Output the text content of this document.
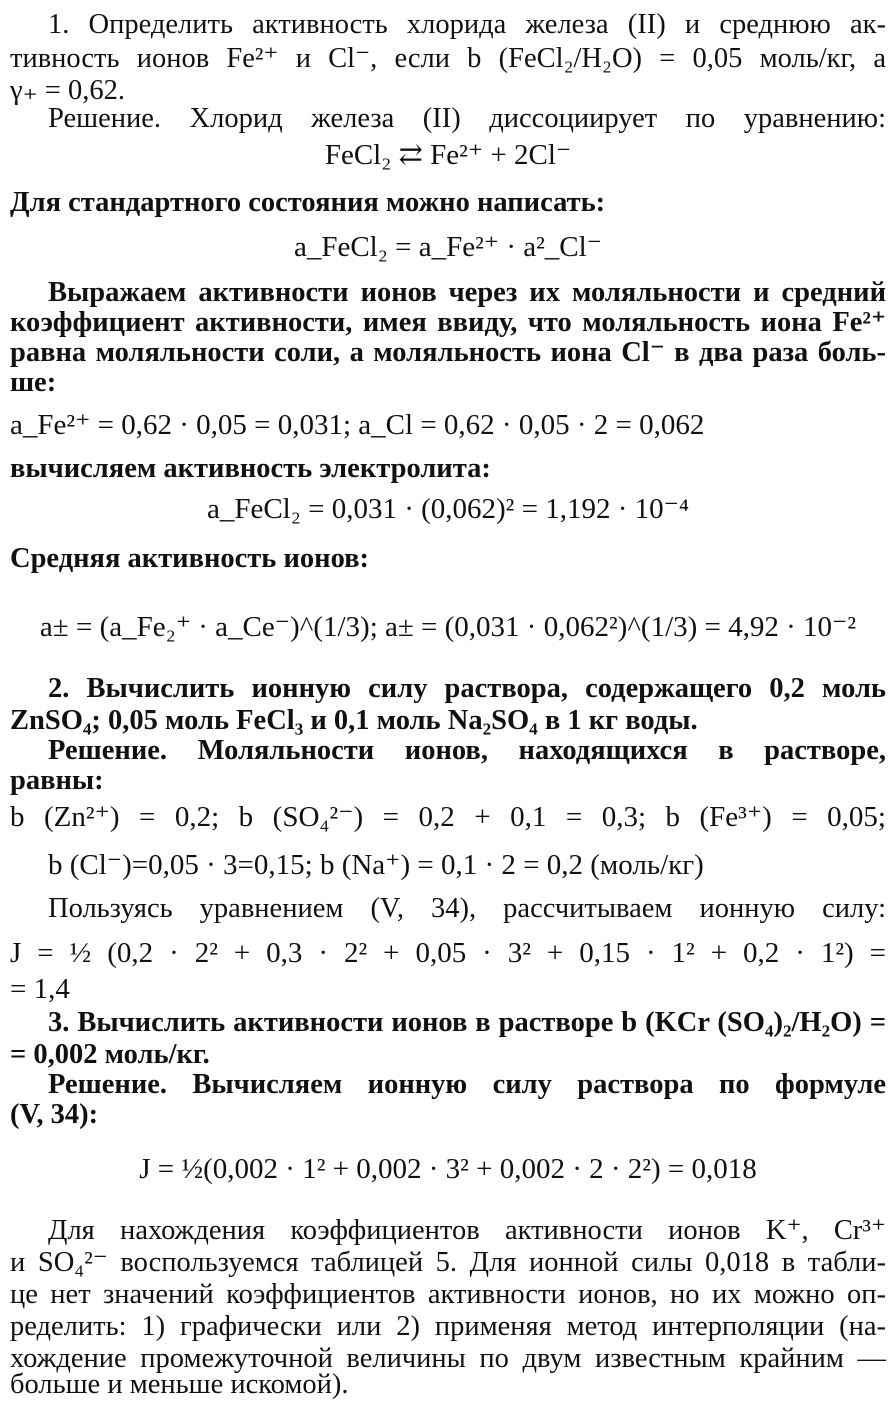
1. Определить активность хлорида железа (II) и среднюю ак-
тивность ионов Fe²⁺ и Cl⁻, если b (FeCl₂/H₂O) = 0,05 моль/кг, а
γ₊ = 0,62.
Решение. Хлорид железа (II) диссоциирует по уравнению:
FeCl₂ ⇄ Fe²⁺ + 2Cl⁻
Для стандартного состояния можно написать:
a_FeCl₂ = a_Fe²⁺ · a²_Cl⁻
Выражаем активности ионов через их моляльности и средний
коэффициент активности, имея ввиду, что моляльность иона Fe²⁺
равна моляльности соли, а моляльность иона Cl⁻ в два раза боль-
ше:
a_Fe²⁺ = 0,62 · 0,05 = 0,031; a_Cl = 0,62 · 0,05 · 2 = 0,062
вычисляем активность электролита:
a_FeCl₂ = 0,031 · (0,062)² = 1,192 · 10⁻⁴
Средняя активность ионов:
a± = (a_Fe₂⁺ · a_Ce⁻)^(1/3); a± = (0,031 · 0,062²)^(1/3) = 4,92 · 10⁻²
2. Вычислить ионную силу раствора, содержащего 0,2 моль
ZnSO₄; 0,05 моль FeCl₃ и 0,1 моль Na₂SO₄ в 1 кг воды.
Решение. Моляльности ионов, находящихся в растворе,
равны:
b (Zn²⁺) = 0,2; b (SO₄²⁻) = 0,2 + 0,1 = 0,3; b (Fe³⁺) = 0,05;
b (Cl⁻)=0,05 · 3=0,15; b (Na⁺) = 0,1 · 2 = 0,2 (моль/кг)
Пользуясь уравнением (V, 34), рассчитываем ионную силу:
J = ½ (0,2 · 2² + 0,3 · 2² + 0,05 · 3² + 0,15 · 1² + 0,2 · 1²) =
= 1,4
3. Вычислить активности ионов в растворе b (KCr (SO₄)₂/H₂O) =
= 0,002 моль/кг.
Решение. Вычисляем ионную силу раствора по формуле
(V, 34):
J = ½(0,002 · 1² + 0,002 · 3² + 0,002 · 2 · 2²) = 0,018
Для нахождения коэффициентов активности ионов K⁺, Cr³⁺
и SO₄²⁻ воспользуемся таблицей 5. Для ионной силы 0,018 в табли-
це нет значений коэффициентов активности ионов, но их можно оп-
ределить: 1) графически или 2) применяя метод интерполяции (на-
хождение промежуточной величины по двум известным крайним —
больше и меньше искомой).
